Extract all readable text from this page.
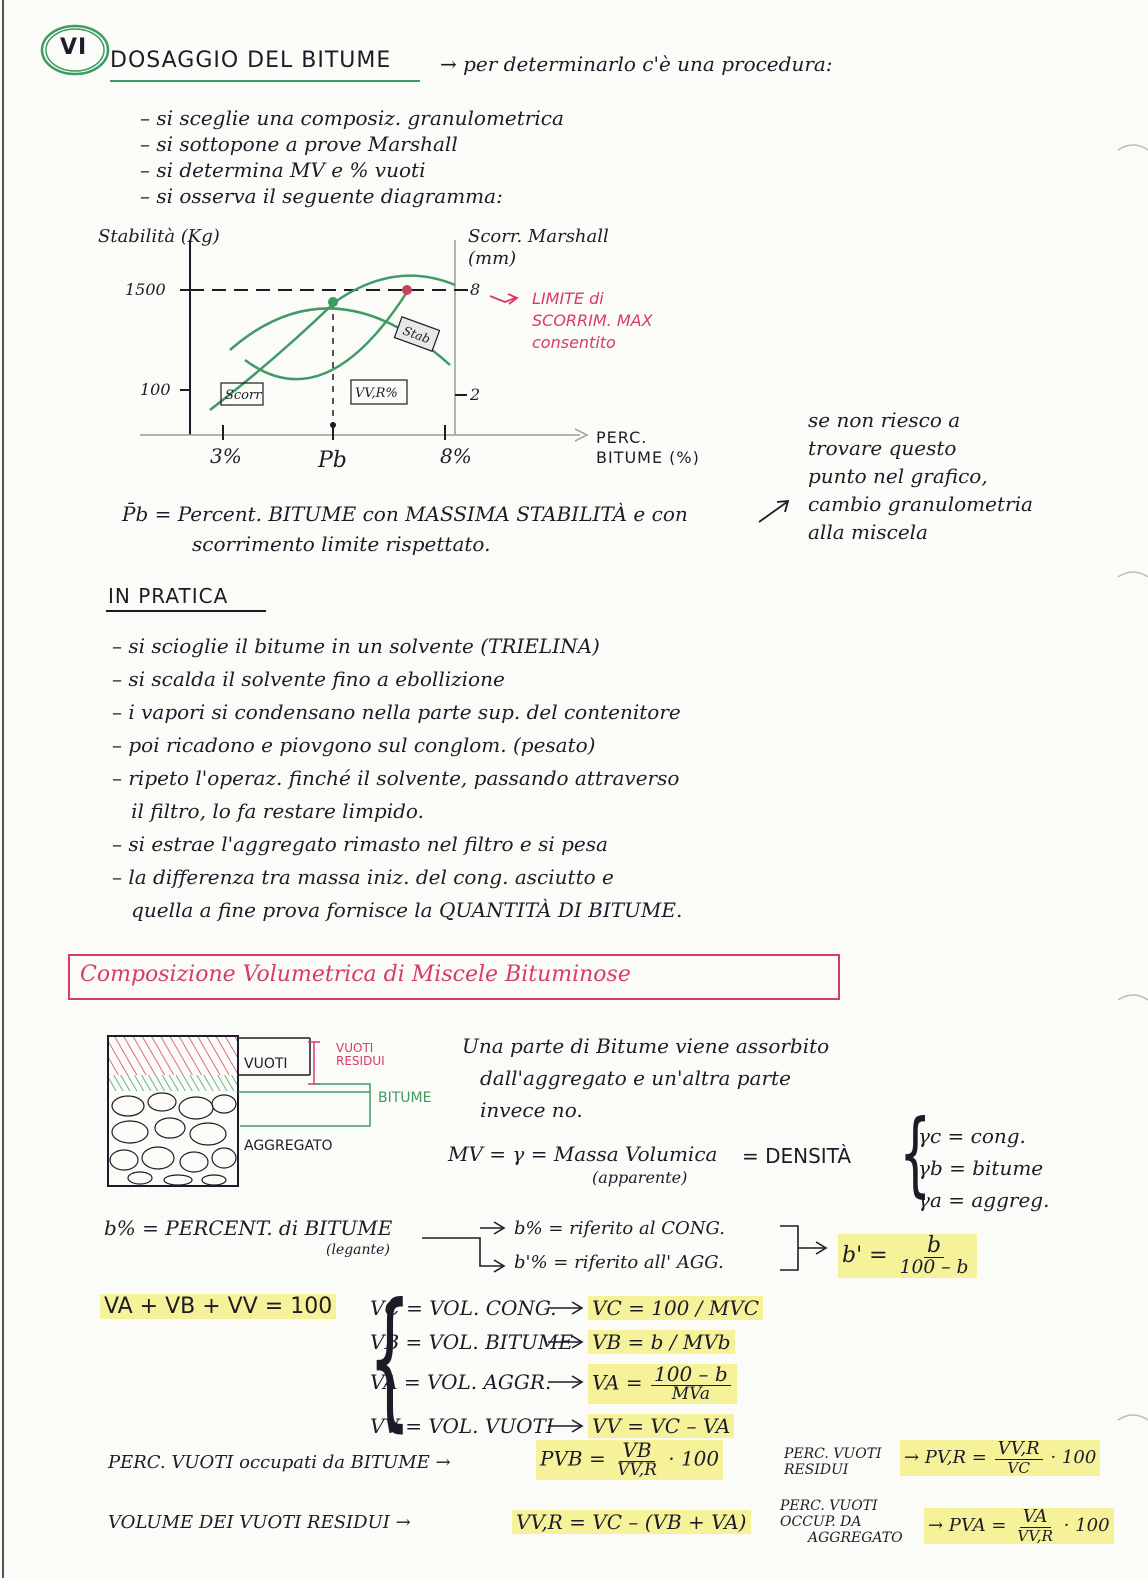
VI
DOSAGGIO DEL BITUME → per determinarlo c'è una procedura:
– si sceglie una composiz. granulometrica
– si sottopone a prove Marshall
– si determina MV e % vuoti
– si osserva il seguente diagramma:
Scorr	VV,R%
Stab
Stabilità (Kg)	Scorr. Marshall (mm)
1500
100
8
2
3%	Pb	8%
PERC. BITUME (%)
LIMITE di SCORRIM. MAX consentito
se non riesco a
trovare questo
punto nel grafico,
cambio granulometria
alla miscela
P̄b = Percent. BITUME con MASSIMA STABILITÀ e con
scorrimento limite rispettato.
IN PRATICA
– si scioglie il bitume in un solvente (TRIELINA)
– si scalda il solvente fino a ebollizione
– i vapori si condensano nella parte sup. del contenitore
– poi ricadono e piovgono sul conglom. (pesato)
– ripeto l'operaz. finché il solvente, passando attraverso
il filtro, lo fa restare limpido.
– si estrae l'aggregato rimasto nel filtro e si pesa
– la differenza tra massa iniz. del cong. asciutto e
quella a fine prova fornisce la QUANTITÀ DI BITUME.
Composizione Volumetrica di Miscele Bituminose
VUOTI
VUOTI RESIDUI
BITUME
AGGREGATO
Una parte di Bitume viene assorbito
dall'aggregato e un'altra parte
invece no.
MV = γ = Massa Volumica
(apparente)
= DENSITÀ {
γc = cong.
γb = bitume
γa = aggreg.
b% = PERCENT. di BITUME
(legante)
b% = riferito al CONG.
b'% = riferito all' AGG.	$b' = \frac{b}{100 - b}$
VA + VB + VV = 100 {
VC = VOL. CONG. VC = 100 / MVC
VB = VOL. BITUME VB = b / MVb
VA = VOL. AGGR. VA = $\frac{100 - b}{\text{MVa}}$
VV = VOL. VUOTI VV = VC – VA
PERC. VUOTI occupati da BITUME →	PVB = $\frac{VB}{VV,R} \cdot 100$
VOLUME DEI VUOTI RESIDUI →	VV,R = VC – (VB + VA)
PERC. VUOTI
RESIDUI
→ $PV,R = \frac{VV,R}{VC} \cdot 100$
PERC. VUOTI
OCCUP. DA
AGGREGATO
→ PVA = $\frac{VA}{VV,R} \cdot 100$
